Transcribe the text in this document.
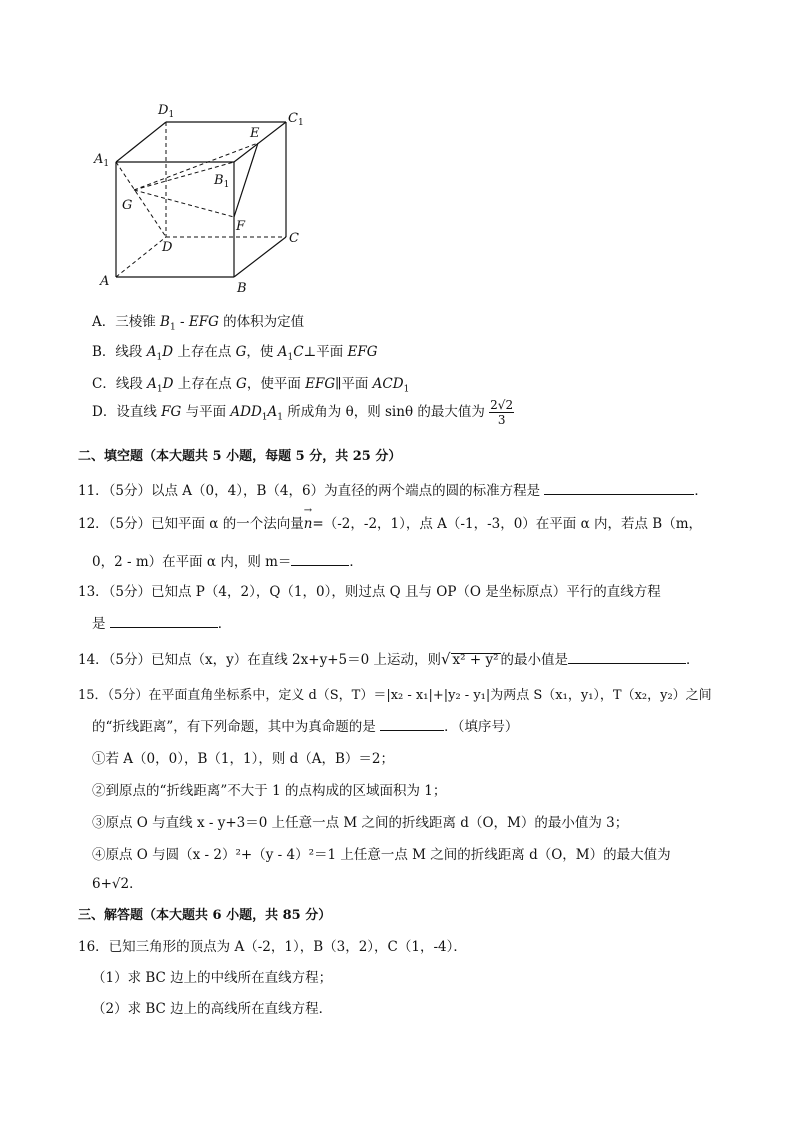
$D_1$	$C_1$
$A_1$
E
$B_1$
G
F
D
C
A	B
A．三棱锥 $B_1$ - EFG 的体积为定值
B．线段 $A_1D$ 上存在点 G，使 $A_1C\perp$平面 EFG
C．线段 $A_1D$ 上存在点 G，使平面 EFG∥平面 $ACD_1$
D．设直线 FG 与平面 $ADD_1A_1$ 所成角为 θ，则 sinθ 的最大值为 $\frac{2√2}{3}$
二、填空题（本大题共 5 小题，每题 5 分，共 25 分）
11．（5分）以点 A（0，4），B（4，6）为直径的两个端点的圆的标准方程是	．
12．（5分）已知平面 α 的一个法向量→ n=（-2，-2，1），点 A（-1，-3，0）在平面 α 内，若点 B（m，
0，2 - m）在平面 α 内，则 m＝	．
13．（5分）已知点 P（4，2），Q（1，0），则过点 Q 且与 OP（O 是坐标原点）平行的直线方程
是	．
14．（5分）已知点（x，y）在直线 2x+y+5＝0 上运动，则√ x² + y² 的最小值是	．
15．（5分）在平面直角坐标系中，定义 d（S，T）＝|x₂ - x₁|+|y₂ - y₁|为两点 S（x₁，y₁），T（x₂，y₂）之间
的“折线距离”，有下列命题，其中为真命题的是	．（填序号）
①若 A（0，0），B（1，1），则 d（A，B）＝2；
②到原点的“折线距离”不大于 1 的点构成的区域面积为 1；
③原点 O 与直线 x - y+3＝0 上任意一点 M 之间的折线距离 d（O，M）的最小值为 3；
④原点 O 与圆（x - 2）²+（y - 4）²＝1 上任意一点 M 之间的折线距离 d（O，M）的最大值为
6+√2．
三、解答题（本大题共 6 小题，共 85 分）
16．已知三角形的顶点为 A（-2，1），B（3，2），C（1，-4）．
（1）求 BC 边上的中线所在直线方程；
（2）求 BC 边上的高线所在直线方程．
